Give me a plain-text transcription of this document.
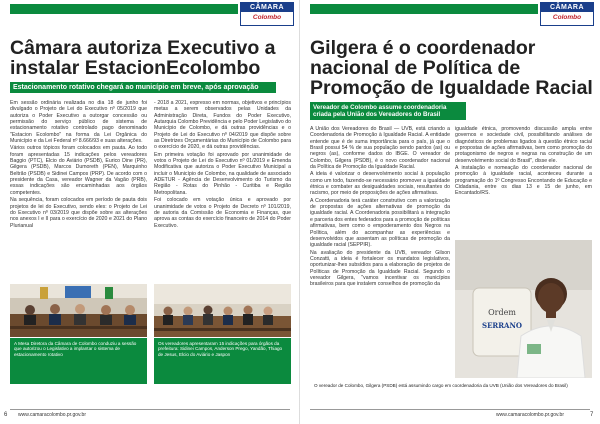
CÂMARA
Colombo
Câmara autoriza Executivo a instalar EstacionEcolombo
Estacionamento rotativo chegará ao município em breve, após aprovação

Em sessão ordinária realizada no dia 18 de junho foi divulgado o Projeto de Lei do Executivo nº 05/2019 que autoriza o Poder Executivo a outorgar concessão ou permissão do serviço público de sistema de estacionamento rotativo controlado pago denominado "Estacion Ecolombo" na forma da Lei Orgânica do Município e da Lei Federal nº 8.666/93 e suas alterações.

Vários outros tópicos foram colocados em pauta. Ao todo foram apresentadas 15 indicações pelos vereadores Baggio (PTC), Elcio do Aviário (PSDB), Eurico Dine (PR), Gilgera (PSDB), Marcos Dumoreth (PEN), Marquinho Beltrão (PSDB) e Sidinei Campos (PRP). De acordo com o presidente da Casa, vereador Wagner da Vagão (PRB), essas indicações são encaminhadas aos órgãos competentes.

Na sequência, foram colocados em período de pauta dois projetos de lei do Executivo, sendo eles: o Projeto de Lei do Executivo nº 03/2019 que dispõe sobre as alterações nos anexos I e II para o exercício de 2020 e 2021 do Plano Plurianual

- 2018 a 2021, expresso em normas, objetivos e princípios metas a serem observados pelas Unidades da Administração Direta, Fundos do Poder Executivo, Autarquia Colombo Previdência e pelo Poder Legislativo do Município de Colombo, e dá outras providências e o Projeto de Lei do Executivo nº 04/2019 que dispõe sobre as Diretrizes Orçamentárias do Município de Colombo para o exercício de 2020, e dá outras providências.

Em primeira votação foi aprovado por unanimidade de votos o Projeto de Lei do Executivo nº 01/2019 e Emenda Modificativa que autoriza o Poder Executivo Municipal a incluir o Município de Colombo, na qualidade de associado ADETUR - Agência de Desenvolvimento do Turismo da Região - Rotas do Pinhão - Curitiba e Região Metropolitana.

Foi colocado em votação única e aprovado por unanimidade de votos o Projeto de Decreto nº 101/2019, de autoria da Comissão de Economia e Finanças, que aprova as contas do exercício financeiro de 2014 do Poder Executivo.

A Mesa Diretora da Câmara de Colombo conduziu a sessão que autorizou o Legislativo a implantar o sistema de estacionamento rotativo
Os vereadores apresentaram 15 indicações para órgãos da prefeitura: Sidinei Campos, Anderson Prego, Yandão, Thiago de Jesus, Elcio do Aviário e Jaspon
6 www.camaracolombo.pr.gov.br
CÂMARA
Colombo
Gilgera é o coordenador nacional de Política de Promoção de Igualdade Racial
Vereador de Colombo assume coordenadoria criada pela União dos Vereadores do Brasil

A União dos Vereadores do Brasil — UVB, está criando a Coordenadoria de Promoção à Igualdade Racial. A entidade entende que é de suma importância para o país, já que o Brasil possui 54 % de sua população sendo pardos (as) ou negros (as), conforme dados do IBGE. O vereador de Colombo, Gilgera (PSDB), é o novo coordenador nacional da Política de Promoção da Igualdade Racial.

A ideia é valorizar o desenvolvimento social à população como um todo, fazendo-se necessário promover a igualdade étnica e combater as desigualdades sociais, resultantes do racismo, por meio de proposições de ações afirmativas.

A Coordenadoria terá caráter construtivo com a valorização de propostas de ações alternativas de promoção da igualdade racial. A Coordenadoria possibilitará a integração e parceria dos entes federados para a promoção de políticas afirmativas, bem como o empoderamento dos Negros na Política, além do acompanhar as experiências e desenvolvidos que assentam as políticas de promoção da igualdade racial (SEPPIR).

Na avaliação do presidente da UVB, vereador Gilson Conzatti, a ideia é fortalecer os mandatos legislativos, oportunizar-lhes subsídios para a elaboração de projetos de Políticas de Promoção da Igualdade Racial. Segundo o vereador Gilgera, "vamos incentivar os municípios brasileiros para que instalem conselhos de promoção da

igualdade étnica, promovendo discussão ampla entre governos e sociedade civil, possibilitando análises de diagnósticos de problemas ligados à questão étnico racial e propostas de ações afirmativas, bem como promoção do protagonismo de negros e negras na construção de um desenvolvimento social do Brasil", disse ele.

A instalação e nomeação do coordenador nacional de promoção à igualdade racial, aconteceu durante a programação do 1º Congresso Encontando de Educação e Cidadania, entre os dias 13 e 15 de junho, em Encantado/RS.

Ordem
SERRANO
O vereador de Colombo, Gilgera (PSDB) está assumindo cargo em coordenadoria da UVB (União dos Vereadores do Brasil)
www.camaracolombo.pr.gov.br	7
